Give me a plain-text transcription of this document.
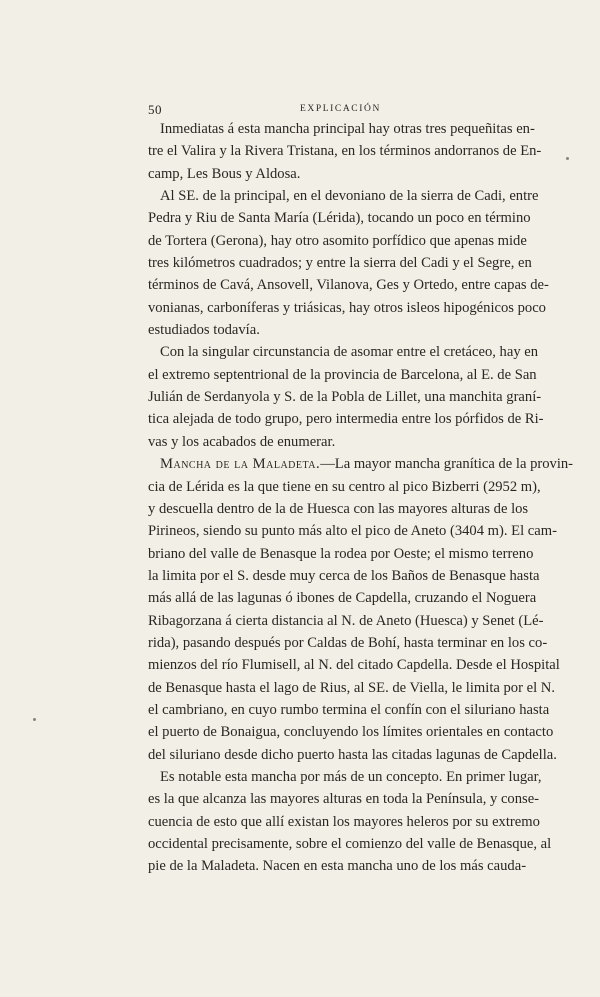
50	EXPLICACIÓN
Inmediatas á esta mancha principal hay otras tres pequeñitas en-
tre el Valira y la Rivera Tristana, en los términos andorranos de En-
camp, Les Bous y Aldosa.
Al SE. de la principal, en el devoniano de la sierra de Cadi, entre
Pedra y Riu de Santa María (Lérida), tocando un poco en término
de Tortera (Gerona), hay otro asomito porfídico que apenas mide
tres kilómetros cuadrados; y entre la sierra del Cadi y el Segre, en
términos de Cavá, Ansovell, Vilanova, Ges y Ortedo, entre capas de-
vonianas, carboníferas y triásicas, hay otros isleos hipogénicos poco
estudiados todavía.
Con la singular circunstancia de asomar entre el cretáceo, hay en
el extremo septentrional de la provincia de Barcelona, al E. de San
Julián de Serdanyola y S. de la Pobla de Lillet, una manchita graní-
tica alejada de todo grupo, pero intermedia entre los pórfidos de Ri-
vas y los acabados de enumerar.
Mancha de la Maladeta.—La mayor mancha granítica de la provin-
cia de Lérida es la que tiene en su centro al pico Bizberri (2952 m),
y descuella dentro de la de Huesca con las mayores alturas de los
Pirineos, siendo su punto más alto el pico de Aneto (3404 m). El cam-
briano del valle de Benasque la rodea por Oeste; el mismo terreno
la limita por el S. desde muy cerca de los Baños de Benasque hasta
más allá de las lagunas ó ibones de Capdella, cruzando el Noguera
Ribagorzana á cierta distancia al N. de Aneto (Huesca) y Senet (Lé-
rida), pasando después por Caldas de Bohí, hasta terminar en los co-
mienzos del río Flumisell, al N. del citado Capdella. Desde el Hospital
de Benasque hasta el lago de Rius, al SE. de Viella, le limita por el N.
el cambriano, en cuyo rumbo termina el confín con el siluriano hasta
el puerto de Bonaigua, concluyendo los límites orientales en contacto
del siluriano desde dicho puerto hasta las citadas lagunas de Capdella.
Es notable esta mancha por más de un concepto. En primer lugar,
es la que alcanza las mayores alturas en toda la Península, y conse-
cuencia de esto que allí existan los mayores heleros por su extremo
occidental precisamente, sobre el comienzo del valle de Benasque, al
pie de la Maladeta. Nacen en esta mancha uno de los más cauda-
